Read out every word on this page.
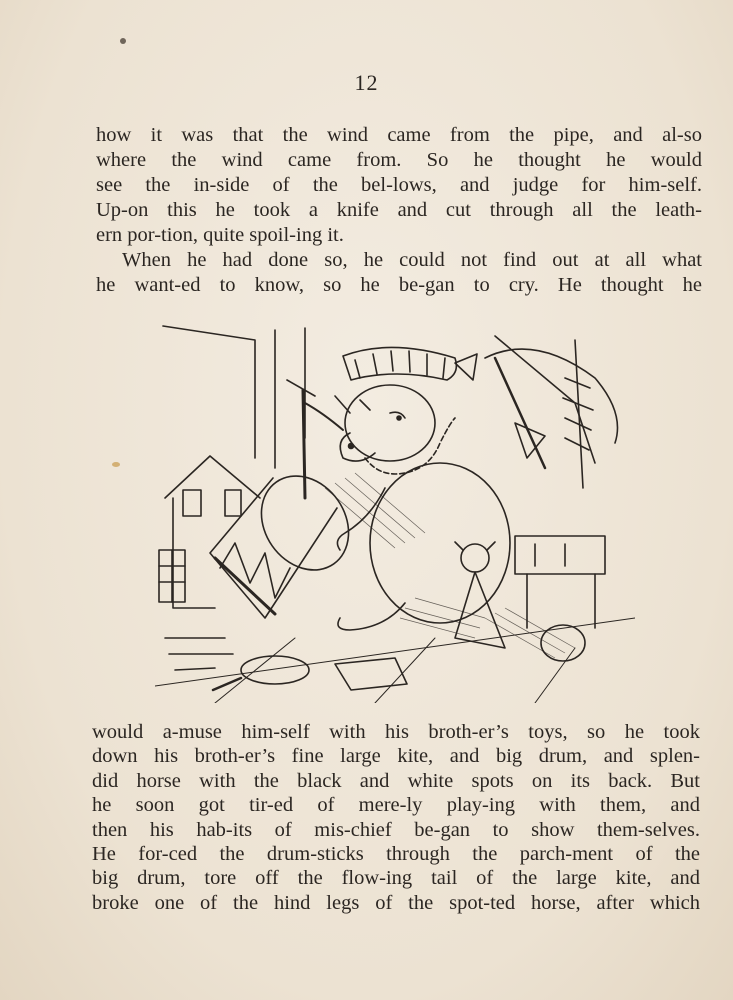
12
how it was that the wind came from the pipe, and al-so
where the wind came from. So he thought he would
see the in-side of the bel-lows, and judge for him-self.
Up-on this he took a knife and cut through all the leath-
ern por-tion, quite spoil-ing it.
When he had done so, he could not find out at all what
he want-ed to know, so he be-gan to cry. He thought he
would a-muse him-self with his broth-er’s toys, so he took
down his broth-er’s fine large kite, and big drum, and splen-
did horse with the black and white spots on its back. But
he soon got tir-ed of mere-ly play-ing with them, and
then his hab-its of mis-chief be-gan to show them-selves.
He for-ced the drum-sticks through the parch-ment of the
big drum, tore off the flow-ing tail of the large kite, and
broke one of the hind legs of the spot-ted horse, after which
